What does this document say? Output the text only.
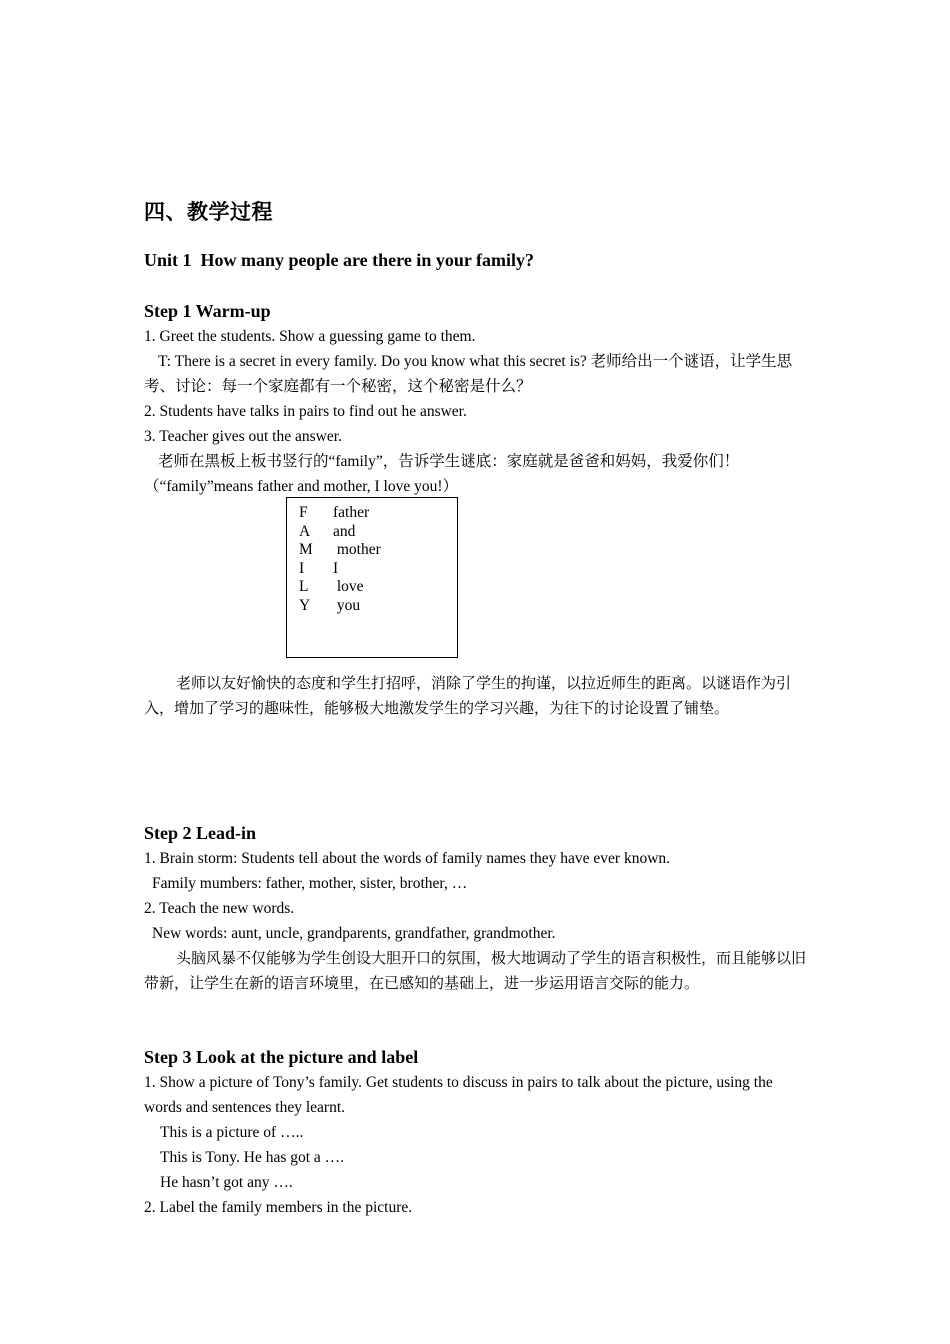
四、教学过程
Unit 1  How many people are there in your family?
Step 1 Warm-up
1. Greet the students. Show a guessing game to them.
T: There is a secret in every family. Do you know what this secret is? 老师给出一个谜语，让学生思考、讨论：每一个家庭都有一个秘密，这个秘密是什么？
2. Students have talks in pairs to find out he answer.
3. Teacher gives out the answer.
老师在黑板上板书竖行的“family”，告诉学生谜底：家庭就是爸爸和妈妈，我爱你们！（“family”means father and mother, I love you!）
F	father
A	and
M	mother
I	I
L	love
Y	you
老师以友好愉快的态度和学生打招呼，消除了学生的拘谨，以拉近师生的距离。以谜语作为引入，增加了学习的趣味性，能够极大地激发学生的学习兴趣，为往下的讨论设置了铺垫。
Step 2 Lead-in
1. Brain storm: Students tell about the words of family names they have ever known.
Family mumbers: father, mother, sister, brother, …
2. Teach the new words.
New words: aunt, uncle, grandparents, grandfather, grandmother.
头脑风暴不仅能够为学生创设大胆开口的氛围，极大地调动了学生的语言积极性，而且能够以旧带新，让学生在新的语言环境里，在已感知的基础上，进一步运用语言交际的能力。
Step 3 Look at the picture and label
1. Show a picture of Tony’s family. Get students to discuss in pairs to talk about the picture, using the words and sentences they learnt.
This is a picture of …..
This is Tony. He has got a ….
He hasn’t got any ….
2. Label the family members in the picture.
